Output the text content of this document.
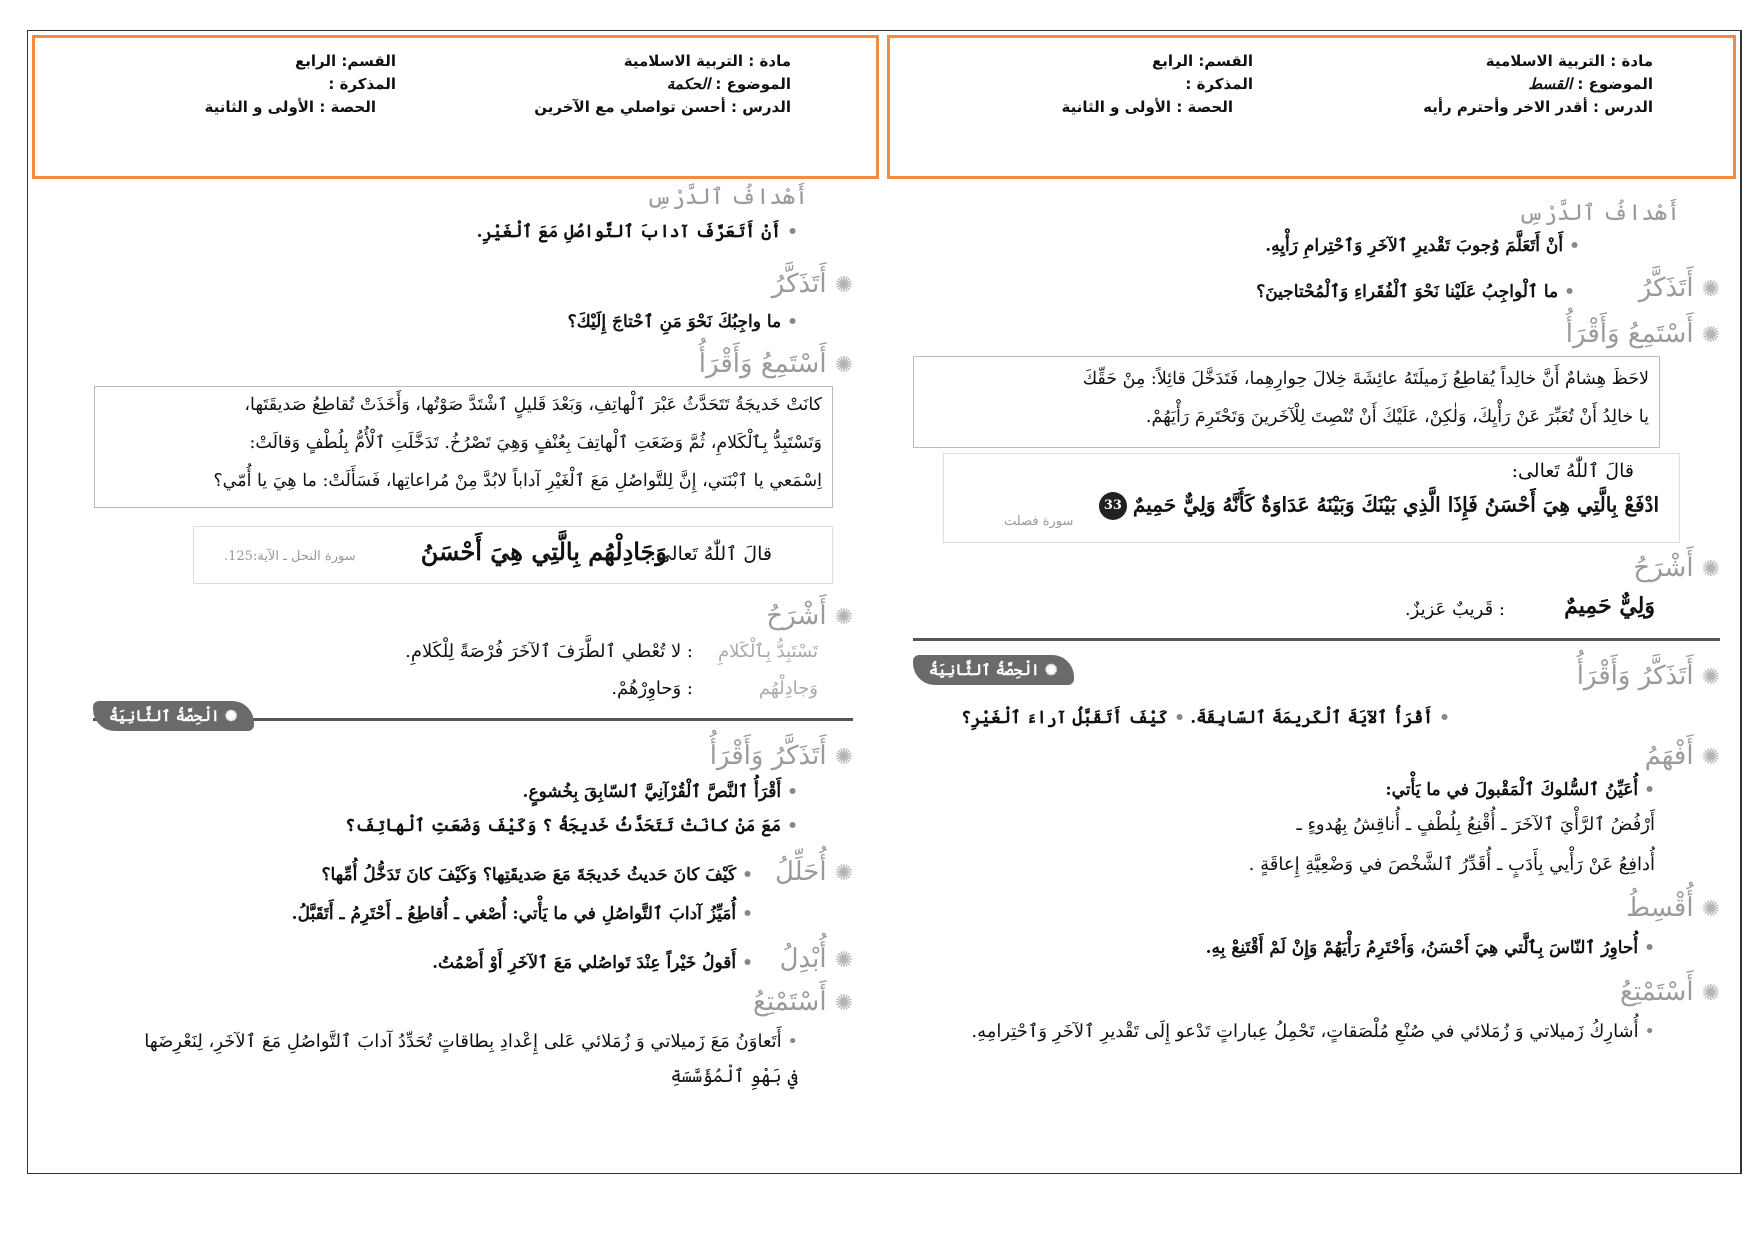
مادة : التربية الاسلامية
الموضوع : الحكمة
الدرس : أحسن تواصلي مع الآخرين
القسم: الرابع
المذكرة :
الحصة : الأولى و الثانية
أَهْدافُ ٱلدَّرْسِ
•أَنْ أَتَعَرَّفَ آدابَ ٱلتَّواصُلِ مَعَ ٱلْغَيْرِ.
✺أَتَذَكَّرُ
•ما واجِبُكَ نَحْوَ مَنِ ٱحْتاجَ إِلَيْكَ؟
✺أَسْتَمِعُ وَأَقْرَأُ
كانَتْ خَديجَةُ تَتَحَدَّثُ عَبْرَ ٱلْهاتِفِ، وَبَعْدَ قَليلٍ ٱشْتَدَّ صَوْتُها، وَأَخَذَتْ تُقاطِعُ صَديقَتَها،
وَتَسْتَبِدُّ بِٱلْكَلامِ، ثُمَّ وَضَعَتِ ٱلْهاتِفَ بِعُنْفٍ وَهِيَ تَصْرُخُ. تَدَخَّلَتِ ٱلْأُمُّ بِلُطْفٍ وَقالَتْ:
اِسْمَعي يا ٱبْنَتي، إِنَّ لِلتَّواصُلِ مَعَ ٱلْغَيْرِ آداباً لابُدَّ مِنْ مُراعاتِها، فَسَأَلَتْ: ما هِيَ يا أُمّي؟
قالَ ٱللّٰهُ تَعالى:
وَجَادِلْهُم بِالَّتِي هِيَ أَحْسَنُ
سورة النحل ـ الآية:125.
✺أَشْرَحُ
تَسْتَبِدُّ بِٱلْكَلامِ
: لا تُعْطي ٱلطَّرَفَ ٱلآخَرَ فُرْصَةً لِلْكَلامِ.
وَجادِلْهُم
: وَحاوِرْهُمْ.
✺ الْحِصَّةُ ٱلثَّانِيَةُ
✺أَتَذَكَّرُ وَأَقْرَأُ
•أَقْرَأُ ٱلنَّصَّ ٱلْقُرْآنِيَّ ٱلسّابِقَ بِخُشوعٍ.
•مَعَ مَنْ كانَتْ تَتَحَدَّثُ خَديجَةُ ؟ وَكَيْفَ وَضَعَتِ ٱلْهاتِفَ؟
✺أُحَلِّلُ
•كَيْفَ كانَ حَديثُ خَديجَةَ مَعَ صَديقَتِها؟ وَكَيْفَ كانَ تَدَخُّلُ أُمِّها؟
•أُمَيِّزُ آدابَ ٱلتَّواصُلِ في ما يَأْتي: أُصْغي ـ أُقاطِعُ ـ أَحْتَرِمُ ـ أَتَقَبَّلُ.
✺أُبْدِلُ
•أَقولُ خَيْراً عِنْدَ تَواصُلي مَعَ ٱلآخَرِ أَوْ أَصْمُتُ.
✺أَسْتَمْتِعُ
• أَتَعاوَنُ مَعَ زَميلاتي وَ زُمَلائي عَلى إِعْدادِ بِطاقاتٍ تُحَدِّدُ آدابَ ٱلتَّواصُلِ مَعَ ٱلآخَرِ، لِنَعْرِضَها
في بَهْوِ ٱلْمُؤَسَّسَةِ
مادة : التربية الاسلامية
الموضوع : القسط
الدرس : أقدر الاخر وأحترم رأيه
القسم: الرابع
المذكرة :
الحصة : الأولى و الثانية
أَهْدافُ ٱلدَّرْسِ
•أَنْ أَتَعَلَّمَ وُجوبَ تَقْديرِ ٱلآخَرِ وَٱحْتِرامِ رَأْيِهِ.
✺أَتَذَكَّرُ
•ما ٱلْواجِبُ عَلَيْنا نَحْوَ ٱلْفُقَراءِ وَٱلْمُحْتاجينَ؟
✺أَسْتَمِعُ وَأَقْرَأُ
لاحَظَ هِشامٌ أَنَّ خالِداً يُقاطِعُ زَميلَتَهُ عائِشَةَ خِلالَ حِوارِهِما، فَتَدَخَّلَ قائِلاً: مِنْ حَقِّكَ
يا خالِدُ أَنْ تُعَبِّرَ عَنْ رَأْيِكَ، وَلٰكِنْ، عَلَيْكَ أَنْ تُنْصِتَ لِلْآخَرينَ وَتَحْتَرِمَ رَأْيَهُمْ.
قالَ ٱللّٰهُ تَعالى:
ادْفَعْ بِالَّتِي هِيَ أَحْسَنُ فَإِذَا الَّذِي بَيْنَكَ وَبَيْنَهُ عَدَاوَةٌ كَأَنَّهُ وَلِيٌّ حَمِيمٌ33
سورة فصلت
✺أَشْرَحُ
وَلِيٌّ حَمِيمٌ
: قَريبٌ عَزيزٌ.
✺ الْحِصَّةُ ٱلثَّانِيَةُ	✺أَتَذَكَّرُ وَأَقْرَأُ
•أَقْرَأُ ٱلآيَةَ ٱلْكَريمَةَ ٱلسّابِقَةَ.
•كَيْفَ أَتَقَبَّلُ آراءَ ٱلْغَيْرِ؟
✺أَفْهَمُ
•أُعَيِّنُ ٱلسُّلوكَ ٱلْمَقْبولَ في ما يَأْتي:
أَرْفُضُ ٱلرَّأْيَ ٱلآخَرَ ـ أُقْنِعُ بِلُطْفٍ ـ أُناقِشُ بِهُدوءٍ ـ
أُدافِعُ عَنْ رَأْيي بِأَدَبٍ ـ أُقَدِّرُ ٱلشَّخْصَ في وَضْعِيَّةِ إِعاقَةٍ .
✺أُقْسِطُ
•أُحاوِرُ ٱلنّاسَ بِٱلَّتي هِيَ أَحْسَنُ، وَأَحْتَرِمُ رَأْيَهُمْ وَإِنْ لَمْ أَقْتَنِعْ بِهِ.
✺أَسْتَمْتِعُ
• أُشارِكُ زَميلاتي وَ زُمَلائي في صُنْعِ مُلْصَقاتٍ، تَحْمِلُ عِباراتٍ تَدْعو إِلَى تَقْديرِ ٱلآخَرِ وَٱحْتِرامِهِ.
